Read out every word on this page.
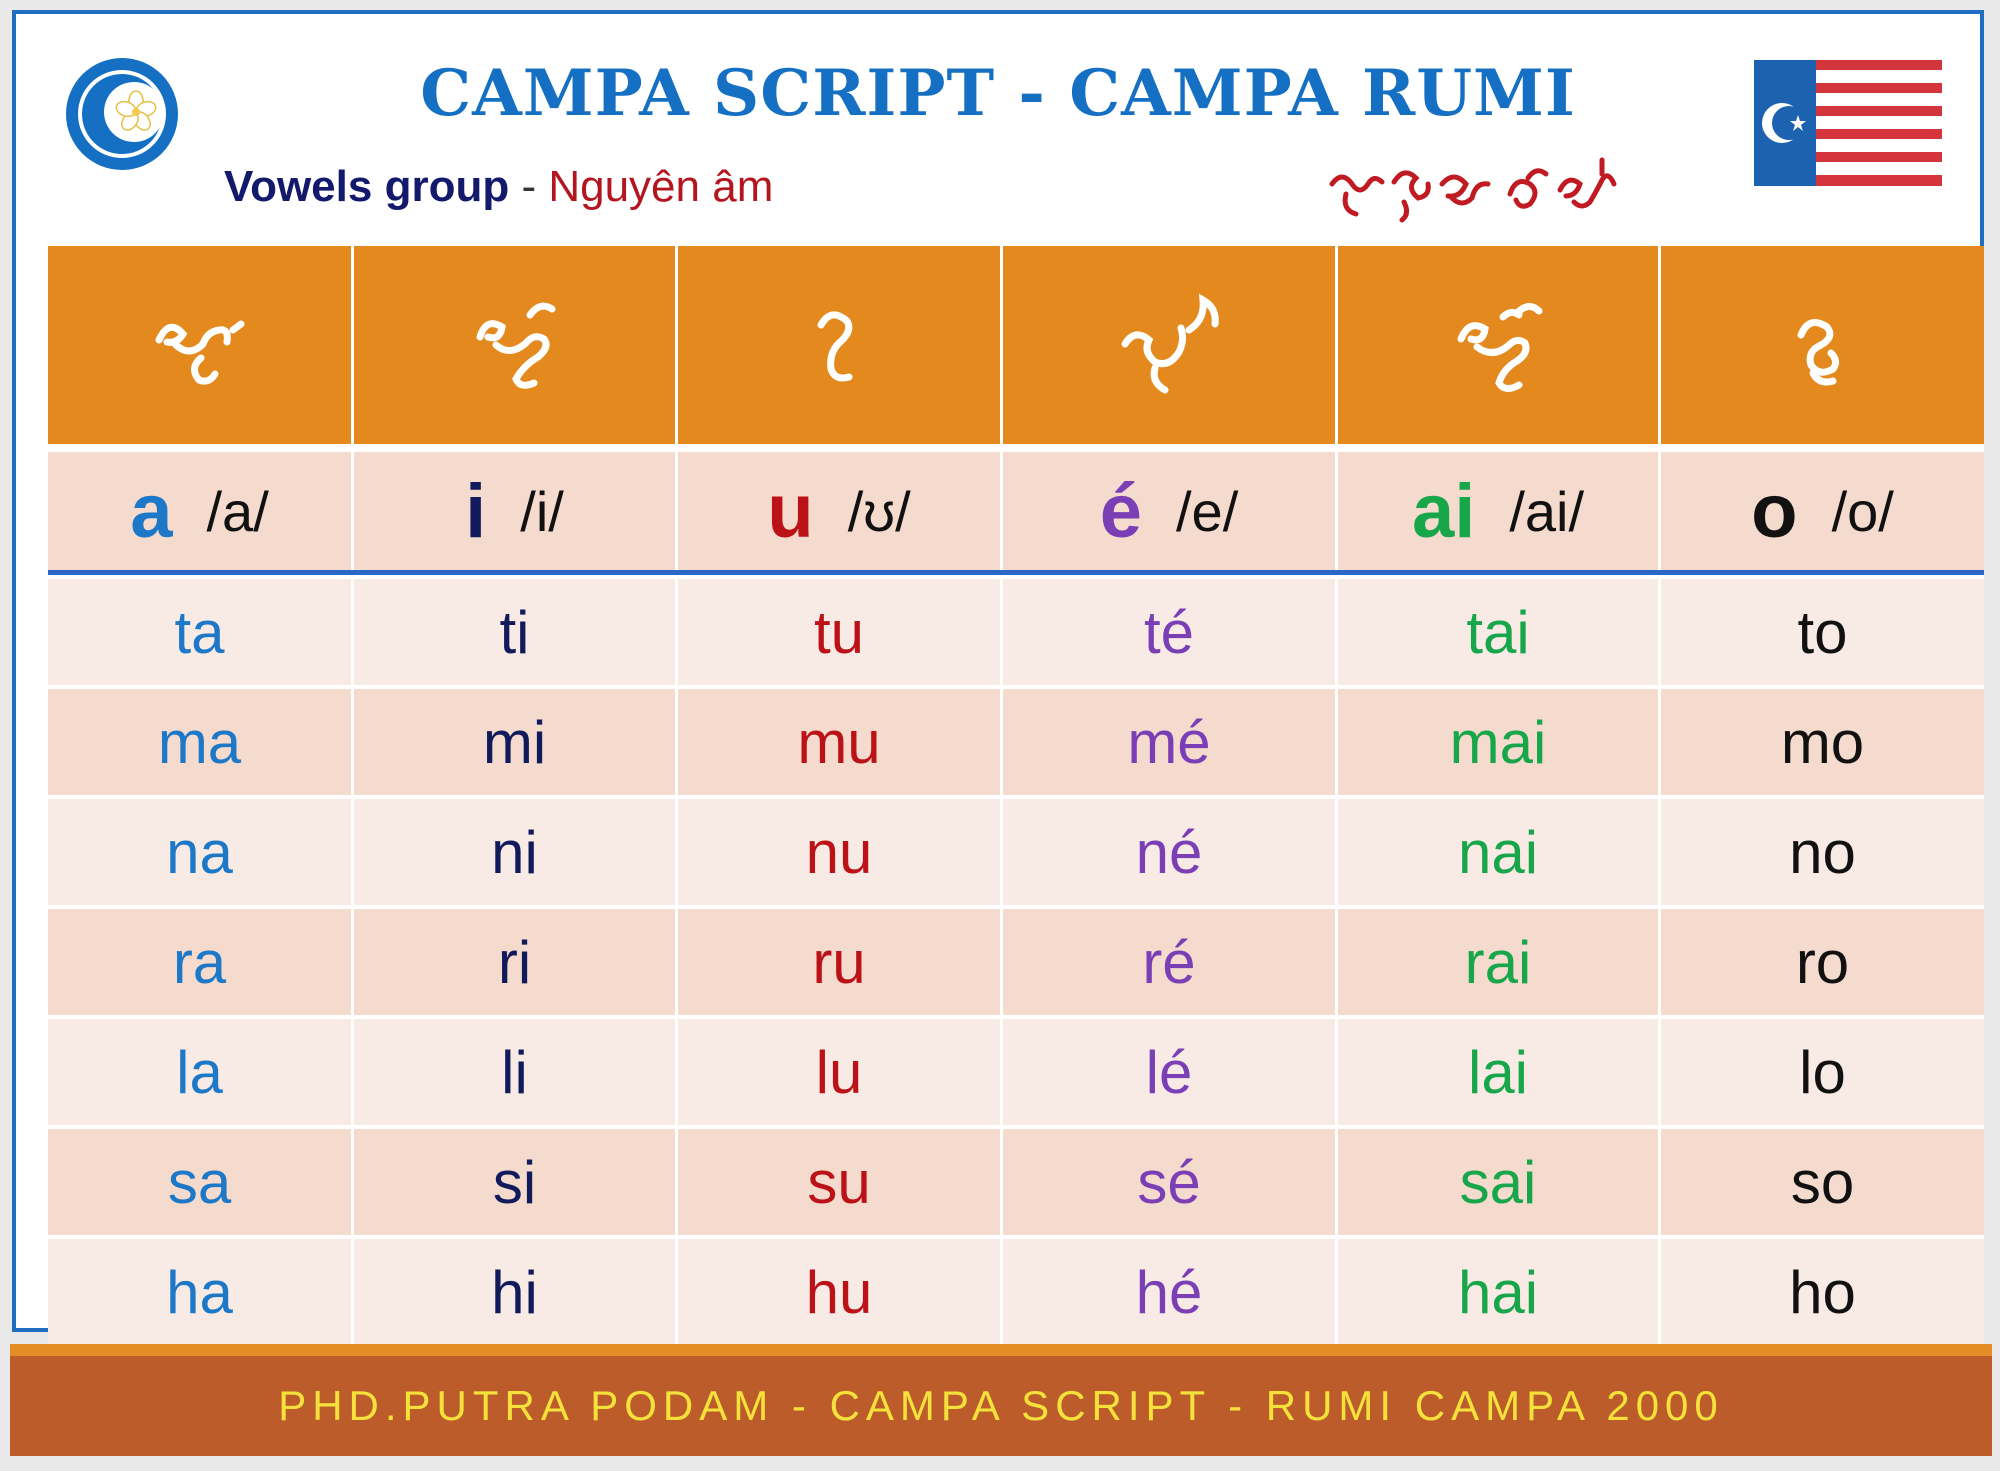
CAMPA SCRIPT - CAMPA RUMI
Vowels group - Nguyên âm
a /a/	i /i/	u /ʊ/ é /e/ ai /ai/ o /o/
ta	ti	tu	té	tai	to
ma	mi	mu	mé	mai	mo
na	ni	nu	né	nai	no
ra	ri	ru	ré	rai	ro
la	li	lu	lé	lai	lo
sa	si	su	sé	sai	so
ha	hi	hu	hé	hai	ho
PHD.PUTRA PODAM - CAMPA SCRIPT - RUMI CAMPA 2000
